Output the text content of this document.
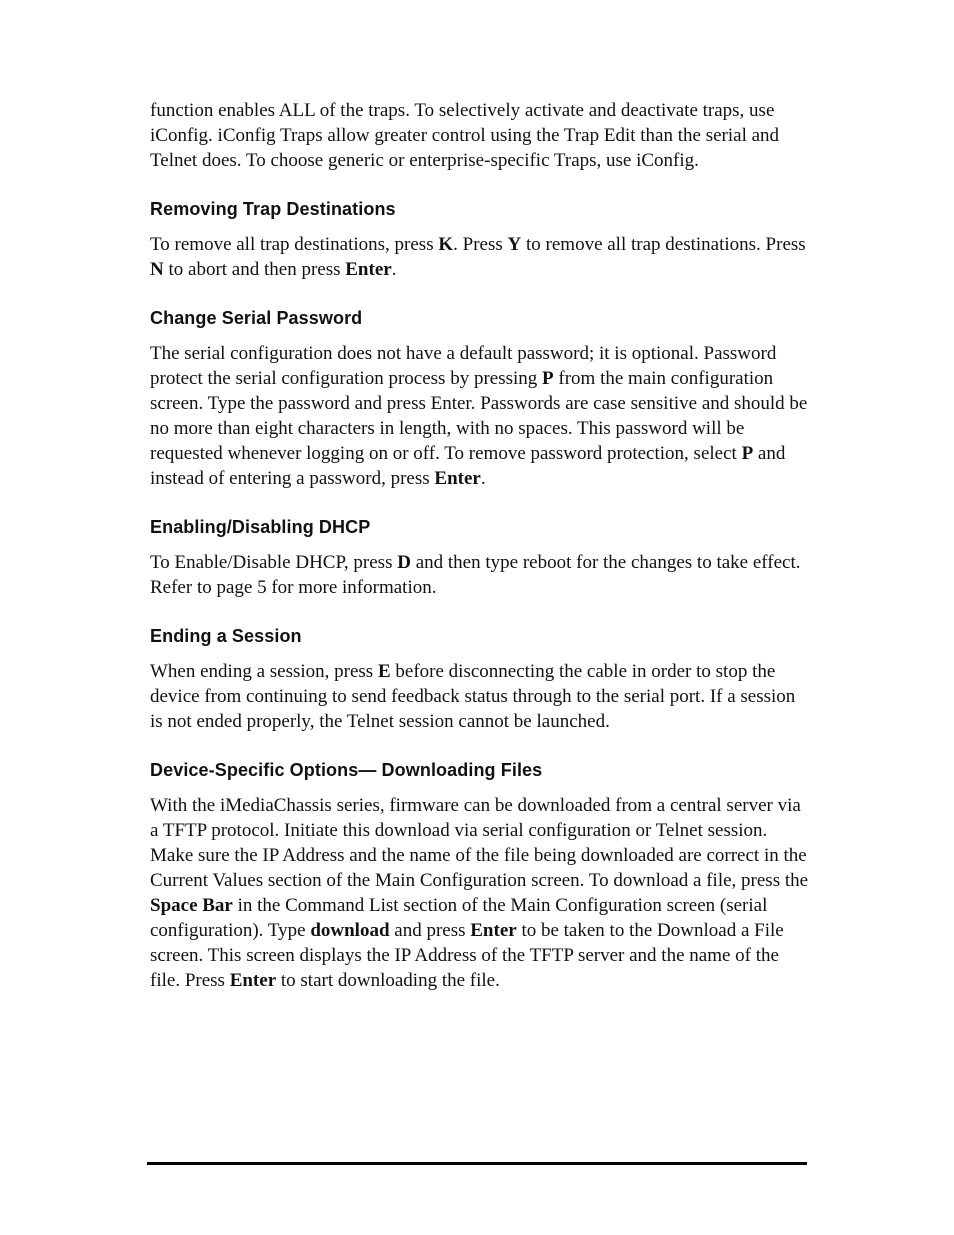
function enables ALL of the traps. To selectively activate and deactivate traps, use iConfig. iConfig Traps allow greater control using the Trap Edit than the serial and Telnet does. To choose generic or enterprise-specific Traps, use iConfig.

Removing Trap Destinations

To remove all trap destinations, press K. Press Y to remove all trap destinations. Press N to abort and then press Enter.

Change Serial Password

The serial configuration does not have a default password; it is optional. Password protect the serial configuration process by pressing P from the main configuration screen. Type the password and press Enter. Passwords are case sensitive and should be no more than eight characters in length, with no spaces. This password will be requested whenever logging on or off. To remove password protection, select P and instead of entering a password, press Enter.

Enabling/Disabling DHCP

To Enable/Disable DHCP, press D and then type reboot for the changes to take effect. Refer to page 5 for more information.

Ending a Session

When ending a session, press E before disconnecting the cable in order to stop the device from continuing to send feedback status through to the serial port. If a session is not ended properly, the Telnet session cannot be launched.

Device-Specific Options— Downloading Files

With the iMediaChassis series, firmware can be downloaded from a central server via a TFTP protocol. Initiate this download via serial configuration or Telnet session. Make sure the IP Address and the name of the file being downloaded are correct in the Current Values section of the Main Configuration screen. To download a file, press the Space Bar in the Command List section of the Main Configuration screen (serial configuration). Type download and press Enter to be taken to the Download a File screen. This screen displays the IP Address of the TFTP server and the name of the file. Press Enter to start downloading the file.
